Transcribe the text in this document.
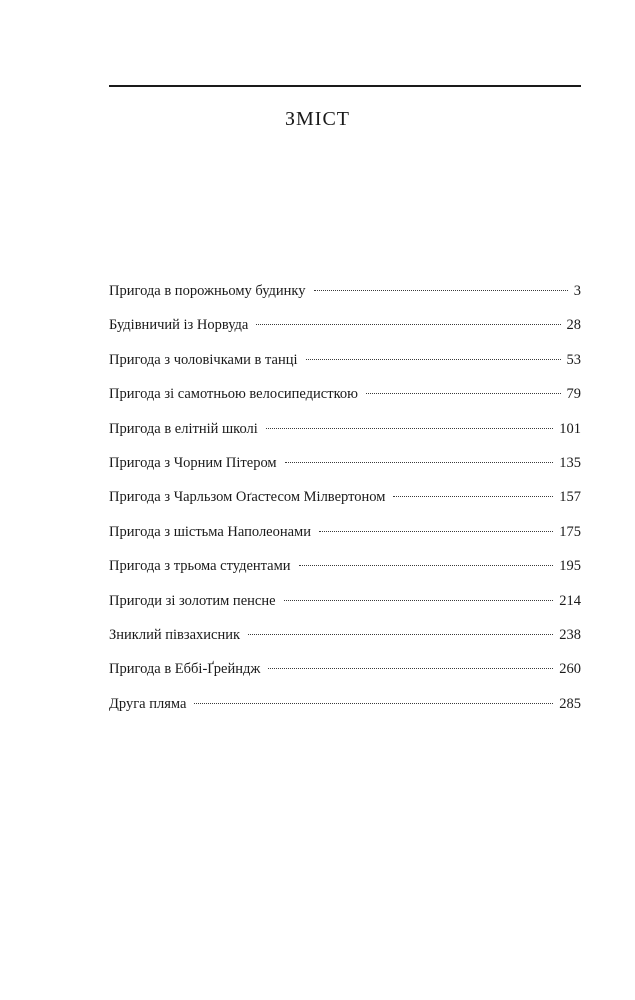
ЗМІСТ
Пригода в порожньому будинку	3
Будівничий із Норвуда	28
Пригода з чоловічками в танці	53
Пригода зі самотньою велосипедисткою	79
Пригода в елітній школі	101
Пригода з Чорним Пітером	135
Пригода з Чарльзом Оґастесом Мілвертоном	157
Пригода з шістьма Наполеонами	175
Пригода з трьома студентами	195
Пригоди зі золотим пенсне	214
Зниклий півзахисник	238
Пригода в Еббі-Ґрейндж	260
Друга пляма	285
